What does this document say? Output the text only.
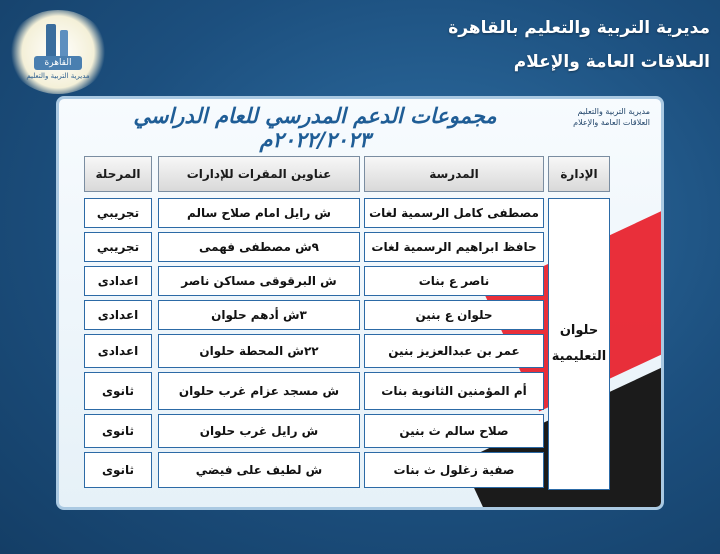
القاهرة
مديرية التربية والتعليم
مديرية التربية والتعليم بالقاهرة
العلاقات العامة والإعلام
مجموعات الدعم المدرسي للعام الدراسي ٢٠٢٢/٢٠٢٣م
مديرية التربية والتعليم
العلاقات العامة والإعلام
المرحلة	عناوين المقرات للإدارات	المدرسة	الإدارة
حلوان
التعليمية
تجريبي	ش رايل امام صلاح سالم	مصطفى كامل الرسمية لغات
تجريبي	٩ش مصطفى فهمى	حافظ ابراهيم الرسمية لغات
اعدادى	ش البرقوقى مساكن ناصر	ناصر ع بنات
اعدادى	٣ش أدهم حلوان	حلوان ع بنين
اعدادى	٢٢ش المحطة حلوان	عمر بن عبدالعزيز بنين
ثانوى	ش مسجد عزام غرب حلوان	أم المؤمنين الثانوية بنات
ثانوى	ش رايل غرب حلوان	صلاح سالم ث بنين
ثانوى	ش لطيف على فيضي	صفية زغلول ث بنات
